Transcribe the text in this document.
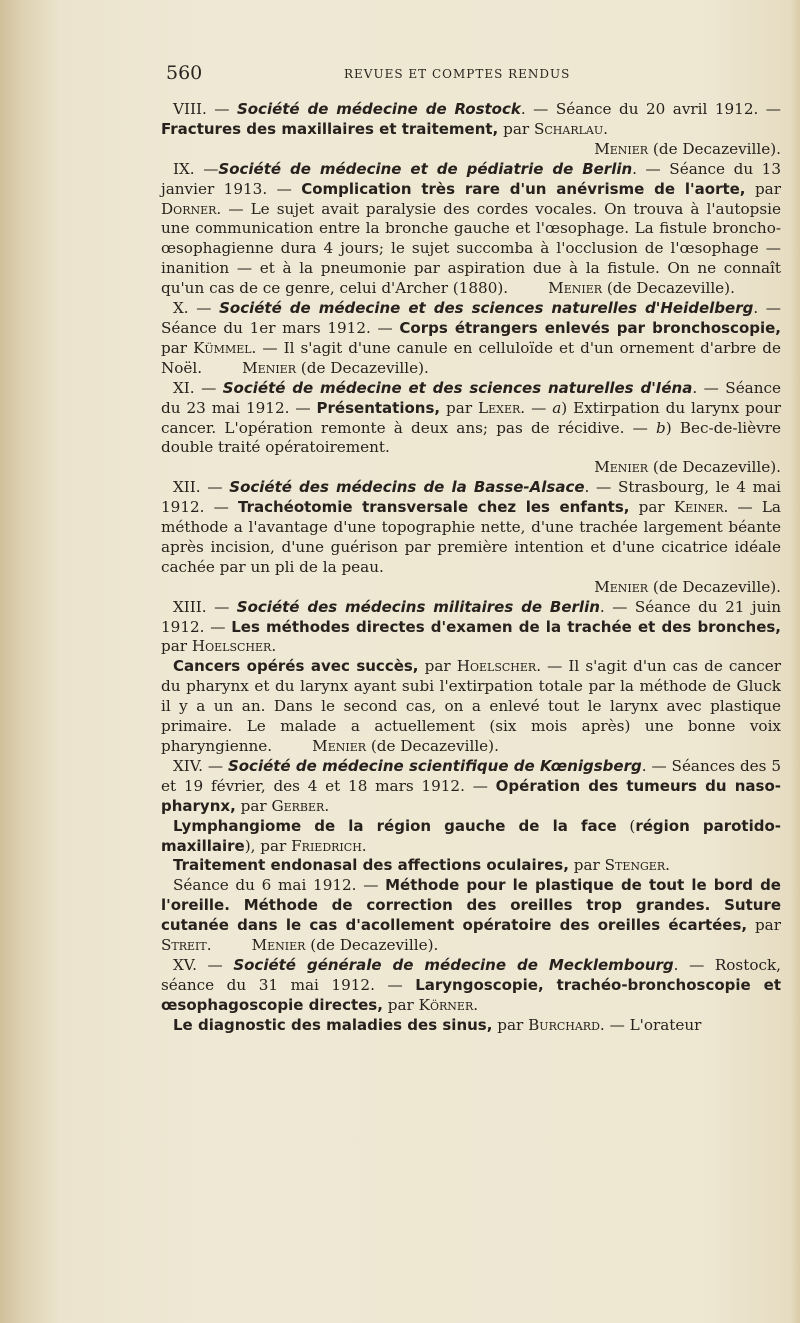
560	REVUES ET COMPTES RENDUS

VIII. — Société de médecine de Rostock. — Séance du 20 avril 1912. — Fractures des maxillaires et traitement, par Scharlau.

Menier (de Decazeville).

IX. —Société de médecine et de pédiatrie de Berlin. — Séance du 13 janvier 1913. — Complication très rare d'un anévrisme de l'aorte, par Dorner. — Le sujet avait paralysie des cordes vocales. On trouva à l'autopsie une communication entre la bronche gauche et l'œsophage. La fistule broncho-œsophagienne dura 4 jours; le sujet succomba à l'occlusion de l'œsophage — inanition — et à la pneumonie par aspiration due à la fistule. On ne connaît qu'un cas de ce genre, celui d'Archer (1880).	Menier (de Decazeville).

X. — Société de médecine et des sciences naturelles d'Heidelberg. — Séance du 1er mars 1912. — Corps étrangers enlevés par bronchoscopie, par Kümmel. — Il s'agit d'une canule en celluloïde et d'un ornement d'arbre de Noël.	Menier (de Decazeville).

XI. — Société de médecine et des sciences naturelles d'Iéna. — Séance du 23 mai 1912. — Présentations, par Lexer. — a) Extirpation du larynx pour cancer. L'opération remonte à deux ans; pas de récidive. — b) Bec-de-lièvre double traité opératoirement.

Menier (de Decazeville).

XII. — Société des médecins de la Basse-Alsace. — Strasbourg, le 4 mai 1912. — Trachéotomie transversale chez les enfants, par Keiner. — La méthode a l'avantage d'une topographie nette, d'une trachée largement béante après incision, d'une guérison par première intention et d'une cicatrice idéale cachée par un pli de la peau.

Menier (de Decazeville).

XIII. — Société des médecins militaires de Berlin. — Séance du 21 juin 1912. — Les méthodes directes d'examen de la trachée et des bronches, par Hoelscher.

Cancers opérés avec succès, par Hoelscher. — Il s'agit d'un cas de cancer du pharynx et du larynx ayant subi l'extirpation totale par la méthode de Gluck il y a un an. Dans le second cas, on a enlevé tout le larynx avec plastique primaire. Le malade a actuellement (six mois après) une bonne voix pharyngienne.	Menier (de Decazeville).

XIV. — Société de médecine scientifique de Kœnigsberg. — Séances des 5 et 19 février, des 4 et 18 mars 1912. — Opération des tumeurs du naso-pharynx, par Gerber.

Lymphangiome de la région gauche de la face (région parotido-maxillaire), par Friedrich.

Traitement endonasal des affections oculaires, par Stenger.

Séance du 6 mai 1912. — Méthode pour le plastique de tout le bord de l'oreille. Méthode de correction des oreilles trop grandes. Suture cutanée dans le cas d'acollement opératoire des oreilles écartées, par Streit.	Menier (de Decazeville).

XV. — Société générale de médecine de Mecklembourg. — Rostock, séance du 31 mai 1912. — Laryngoscopie, trachéo-bronchoscopie et œsophagoscopie directes, par Körner.

Le diagnostic des maladies des sinus, par Burchard. — L'orateur
